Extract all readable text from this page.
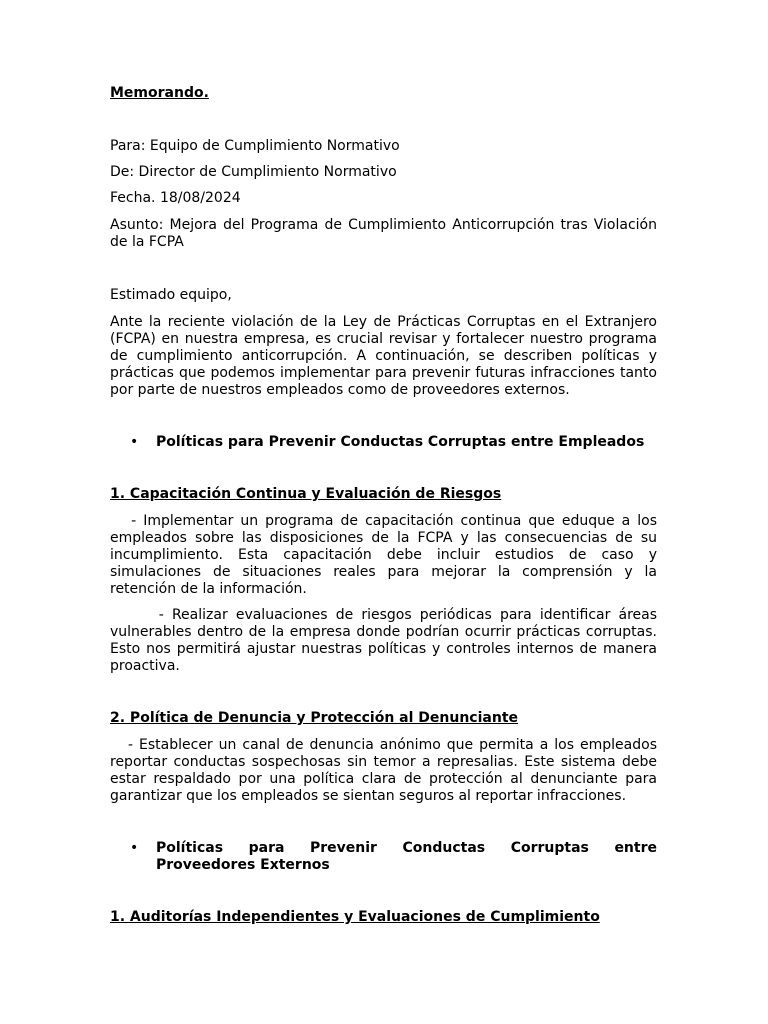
Memorando.

Para: Equipo de Cumplimiento Normativo

De: Director de Cumplimiento Normativo

Fecha. 18/08/2024

Asunto: Mejora del Programa de Cumplimiento Anticorrupción tras Violación de la FCPA

Estimado equipo,

Ante la reciente violación de la Ley de Prácticas Corruptas en el Extranjero (FCPA) en nuestra empresa, es crucial revisar y fortalecer nuestro programa de cumplimiento anticorrupción. A continuación, se describen políticas y prácticas que podemos implementar para prevenir futuras infracciones tanto por parte de nuestros empleados como de proveedores externos.

• Políticas para Prevenir Conductas Corruptas entre Empleados

1. Capacitación Continua y Evaluación de Riesgos

- Implementar un programa de capacitación continua que eduque a los empleados sobre las disposiciones de la FCPA y las consecuencias de su incumplimiento. Esta capacitación debe incluir estudios de caso y simulaciones de situaciones reales para mejorar la comprensión y la retención de la información.

- Realizar evaluaciones de riesgos periódicas para identificar áreas vulnerables dentro de la empresa donde podrían ocurrir prácticas corruptas. Esto nos permitirá ajustar nuestras políticas y controles internos de manera proactiva.

2. Política de Denuncia y Protección al Denunciante

- Establecer un canal de denuncia anónimo que permita a los empleados reportar conductas sospechosas sin temor a represalias. Este sistema debe estar respaldado por una política clara de protección al denunciante para garantizar que los empleados se sientan seguros al reportar infracciones.

• Políticas para Prevenir Conductas Corruptas entre Proveedores Externos

1. Auditorías Independientes y Evaluaciones de Cumplimiento
